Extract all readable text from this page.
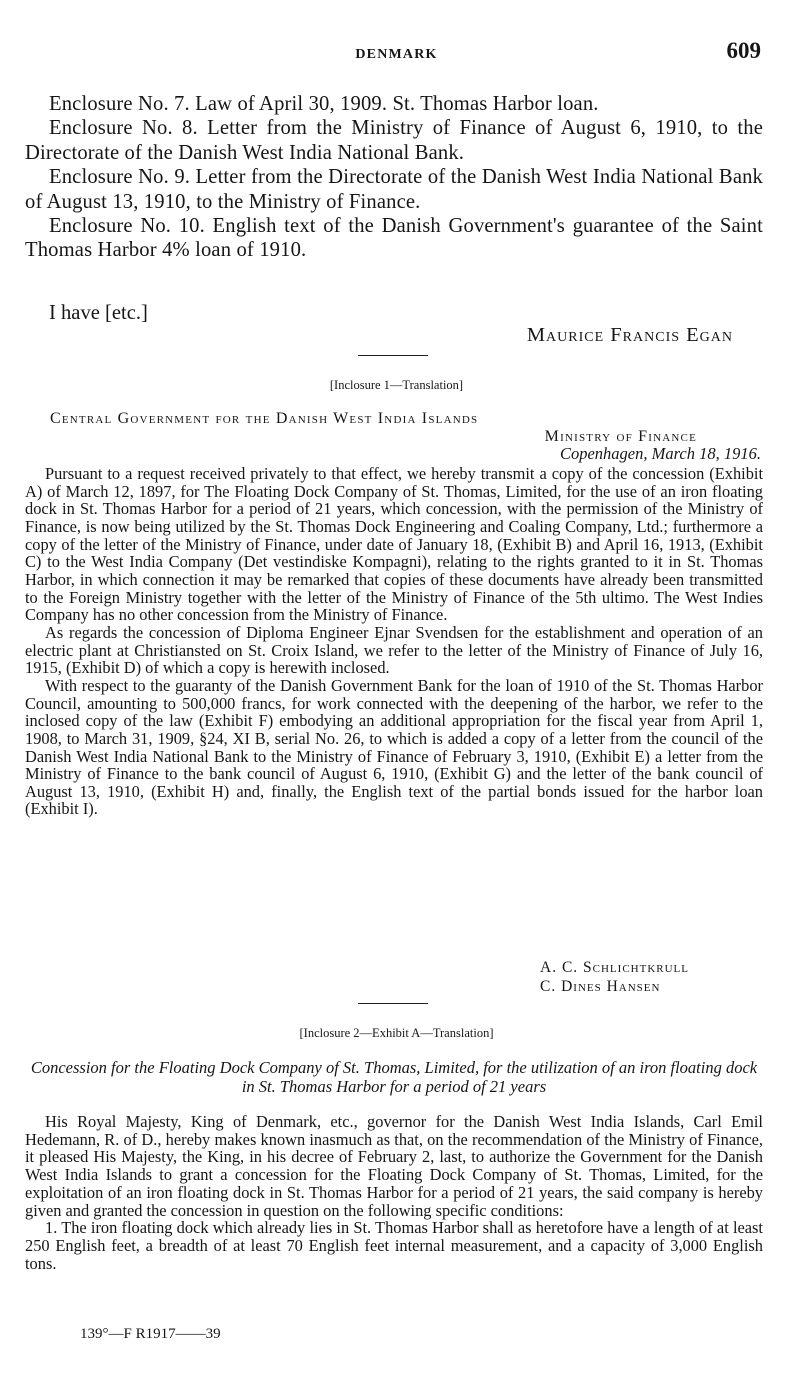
DENMARK	609

Enclosure No. 7. Law of April 30, 1909. St. Thomas Harbor loan.

Enclosure No. 8. Letter from the Ministry of Finance of August 6, 1910, to the Directorate of the Danish West India National Bank.

Enclosure No. 9. Letter from the Directorate of the Danish West India National Bank of August 13, 1910, to the Ministry of Finance.

Enclosure No. 10. English text of the Danish Government's guarantee of the Saint Thomas Harbor 4% loan of 1910.

I have [etc.]
Maurice Francis Egan
[Inclosure 1—Translation]
Central Government for the Danish West India Islands
Ministry of Finance
Copenhagen, March 18, 1916.

Pursuant to a request received privately to that effect, we hereby transmit a copy of the concession (Exhibit A) of March 12, 1897, for The Floating Dock Company of St. Thomas, Limited, for the use of an iron floating dock in St. Thomas Harbor for a period of 21 years, which concession, with the permission of the Ministry of Finance, is now being utilized by the St. Thomas Dock Engineering and Coaling Company, Ltd.; furthermore a copy of the letter of the Ministry of Finance, under date of January 18, (Exhibit B) and April 16, 1913, (Exhibit C) to the West India Company (Det vestindiske Kompagni), relating to the rights granted to it in St. Thomas Harbor, in which connection it may be remarked that copies of these documents have already been transmitted to the Foreign Ministry together with the letter of the Ministry of Finance of the 5th ultimo. The West Indies Company has no other concession from the Ministry of Finance.

As regards the concession of Diploma Engineer Ejnar Svendsen for the establishment and operation of an electric plant at Christiansted on St. Croix Island, we refer to the letter of the Ministry of Finance of July 16, 1915, (Exhibit D) of which a copy is herewith inclosed.

With respect to the guaranty of the Danish Government Bank for the loan of 1910 of the St. Thomas Harbor Council, amounting to 500,000 francs, for work connected with the deepening of the harbor, we refer to the inclosed copy of the law (Exhibit F) embodying an additional appropriation for the fiscal year from April 1, 1908, to March 31, 1909, §24, XI B, serial No. 26, to which is added a copy of a letter from the council of the Danish West India National Bank to the Ministry of Finance of February 3, 1910, (Exhibit E) a letter from the Ministry of Finance to the bank council of August 6, 1910, (Exhibit G) and the letter of the bank council of August 13, 1910, (Exhibit H) and, finally, the English text of the partial bonds issued for the harbor loan (Exhibit I).

A. C. Schlichtkrull
C. Dines Hansen
[Inclosure 2—Exhibit A—Translation]
Concession for the Floating Dock Company of St. Thomas, Limited, for the utilization of an iron floating dock in St. Thomas Harbor for a period of 21 years

His Royal Majesty, King of Denmark, etc., governor for the Danish West India Islands, Carl Emil Hedemann, R. of D., hereby makes known inasmuch as that, on the recommendation of the Ministry of Finance, it pleased His Majesty, the King, in his decree of February 2, last, to authorize the Government for the Danish West India Islands to grant a concession for the Floating Dock Company of St. Thomas, Limited, for the exploitation of an iron floating dock in St. Thomas Harbor for a period of 21 years, the said company is hereby given and granted the concession in question on the following specific conditions:

1. The iron floating dock which already lies in St. Thomas Harbor shall as heretofore have a length of at least 250 English feet, a breadth of at least 70 English feet internal measurement, and a capacity of 3,000 English tons.

139°—F R1917——39
